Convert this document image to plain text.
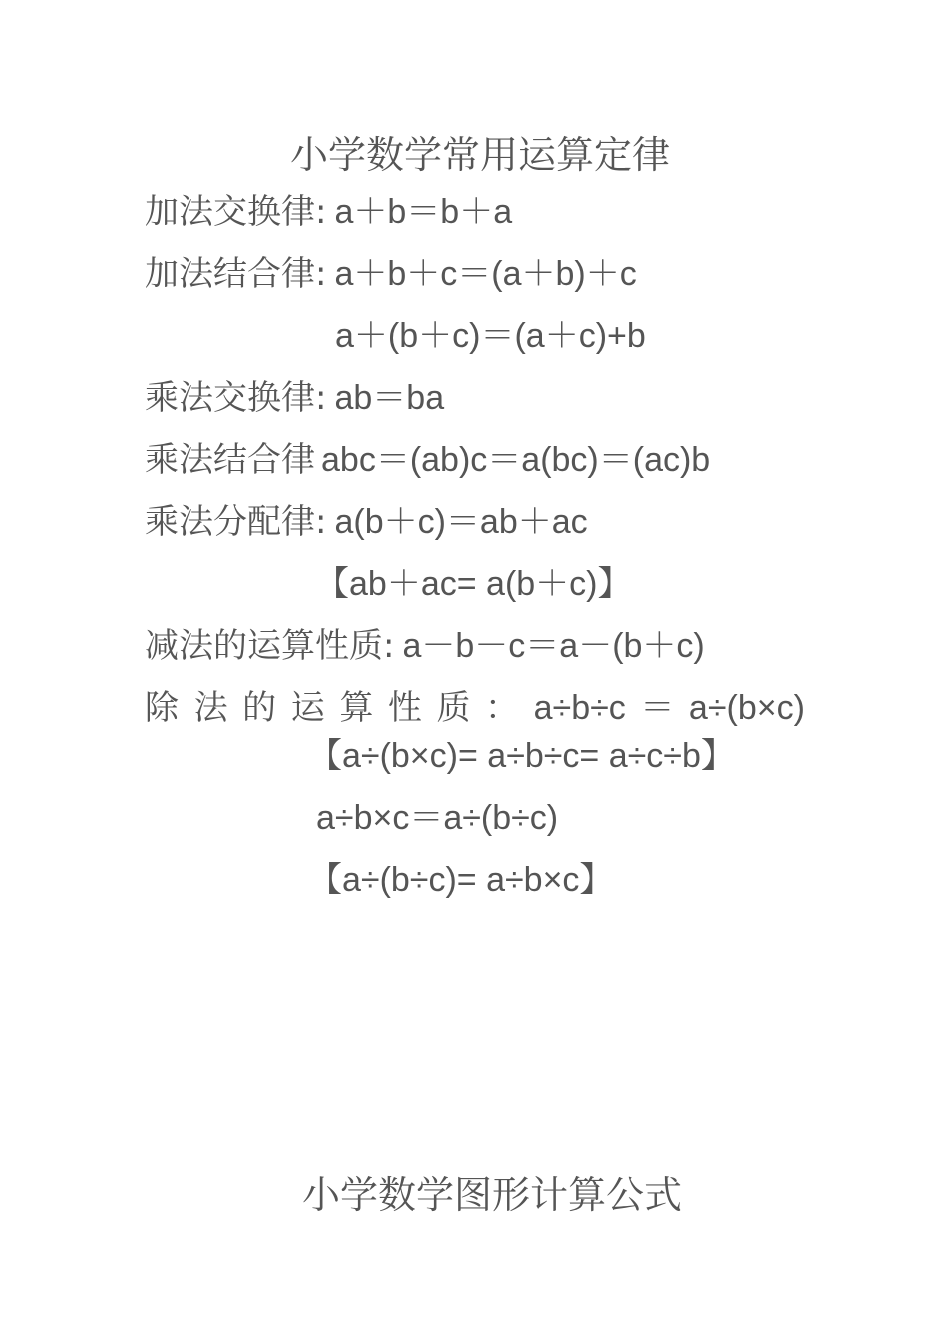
小学数学常用运算定律
加法交换律: a＋b＝b＋a
加法结合律: a＋b＋c＝(a＋b)＋c
a＋(b＋c)＝(a＋c)+b
乘法交换律: ab＝ba
乘法结合律 abc＝(ab)c＝a(bc)＝(ac)b
乘法分配律: a(b＋c)＝ab＋ac
【ab＋ac= a(b＋c)】
减法的运算性质: a－b－c＝a－(b＋c)
除 法 的 运 算 性 质 ： a÷b÷c ＝ a÷(b×c)
【a÷(b×c)= a÷b÷c= a÷c÷b】
a÷b×c＝a÷(b÷c)
【a÷(b÷c)= a÷b×c】
小学数学图形计算公式
